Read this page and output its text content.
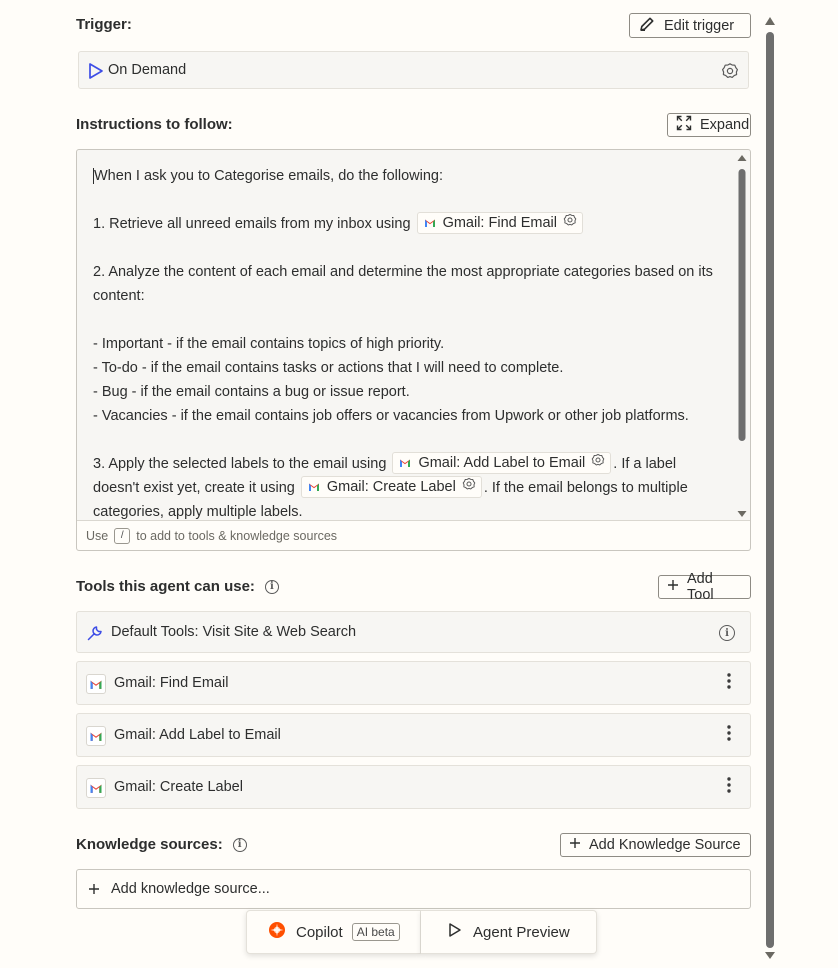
Trigger:	Edit trigger
On Demand
Instructions to follow:	Expand

When I ask you to Categorise emails, do the following:

1. Retrieve all unreed emails from my inbox using Gmail: Find Email

2. Analyze the content of each email and determine the most appropriate categories based on its content:

- Important - if the email contains topics of high priority.

- To-do - if the email contains tasks or actions that I will need to complete.

- Bug - if the email contains a bug or issue report.

- Vacancies - if the email contains job offers or vacancies from Upwork or other job platforms.

3. Apply the selected labels to the email using Gmail: Add Label to Email . If a label doesn't exist yet, create it using Gmail: Create Label . If the email belongs to multiple categories, apply multiple labels.

Use	/	to add to tools & knowledge sources
Tools this agent can use:	i	Add Tool
Default Tools: Visit Site & Web Search	i
Gmail: Find Email
Gmail: Add Label to Email
Gmail: Create Label
Knowledge sources:	i	Add Knowledge Source
Add knowledge source...
Copilot	AI beta	Agent Preview
